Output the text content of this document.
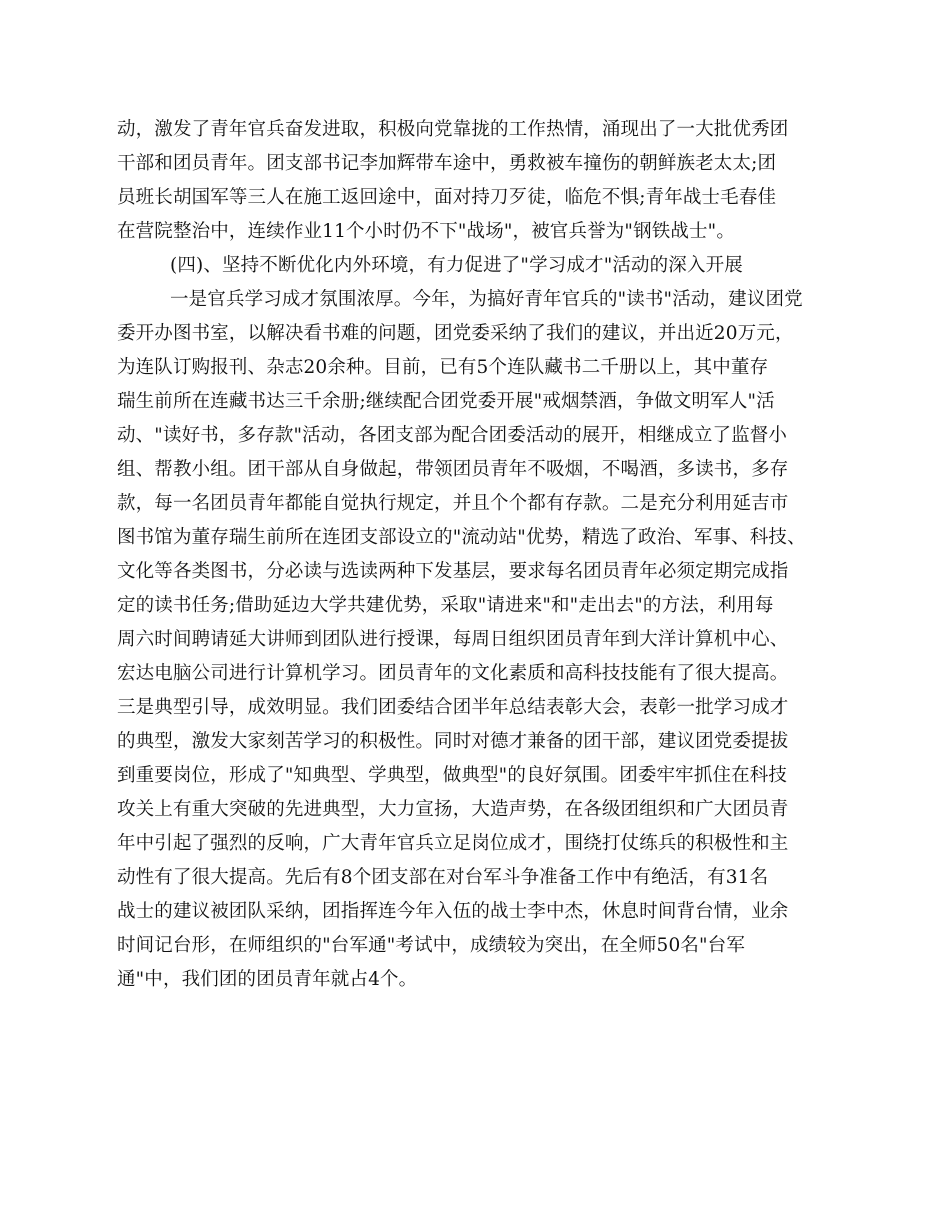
动，激发了青年官兵奋发进取，积极向党靠拢的工作热情，涌现出了一大批优秀团
干部和团员青年。团支部书记李加辉带车途中，勇救被车撞伤的朝鲜族老太太;团
员班长胡国军等三人在施工返回途中，面对持刀歹徒，临危不惧;青年战士毛春佳
在营院整治中，连续作业11个小时仍不下"战场"，被官兵誉为"钢铁战士"。
(四)、坚持不断优化内外环境，有力促进了"学习成才"活动的深入开展
一是官兵学习成才氛围浓厚。今年，为搞好青年官兵的"读书"活动，建议团党
委开办图书室，以解决看书难的问题，团党委采纳了我们的建议，并出近20万元，
为连队订购报刊、杂志20余种。目前，已有5个连队藏书二千册以上，其中董存
瑞生前所在连藏书达三千余册;继续配合团党委开展"戒烟禁酒，争做文明军人"活
动、"读好书，多存款"活动，各团支部为配合团委活动的展开，相继成立了监督小
组、帮教小组。团干部从自身做起，带领团员青年不吸烟，不喝酒，多读书，多存
款，每一名团员青年都能自觉执行规定，并且个个都有存款。二是充分利用延吉市
图书馆为董存瑞生前所在连团支部设立的"流动站"优势，精选了政治、军事、科技、
文化等各类图书，分必读与选读两种下发基层，要求每名团员青年必须定期完成指
定的读书任务;借助延边大学共建优势，采取"请进来"和"走出去"的方法，利用每
周六时间聘请延大讲师到团队进行授课，每周日组织团员青年到大洋计算机中心、
宏达电脑公司进行计算机学习。团员青年的文化素质和高科技技能有了很大提高。
三是典型引导，成效明显。我们团委结合团半年总结表彰大会，表彰一批学习成才
的典型，激发大家刻苦学习的积极性。同时对德才兼备的团干部，建议团党委提拔
到重要岗位，形成了"知典型、学典型，做典型"的良好氛围。团委牢牢抓住在科技
攻关上有重大突破的先进典型，大力宣扬，大造声势，在各级团组织和广大团员青
年中引起了强烈的反响，广大青年官兵立足岗位成才，围绕打仗练兵的积极性和主
动性有了很大提高。先后有8个团支部在对台军斗争准备工作中有绝活，有31名
战士的建议被团队采纳，团指挥连今年入伍的战士李中杰，休息时间背台情，业余
时间记台形，在师组织的"台军通"考试中，成绩较为突出，在全师50名"台军
通"中，我们团的团员青年就占4个。
